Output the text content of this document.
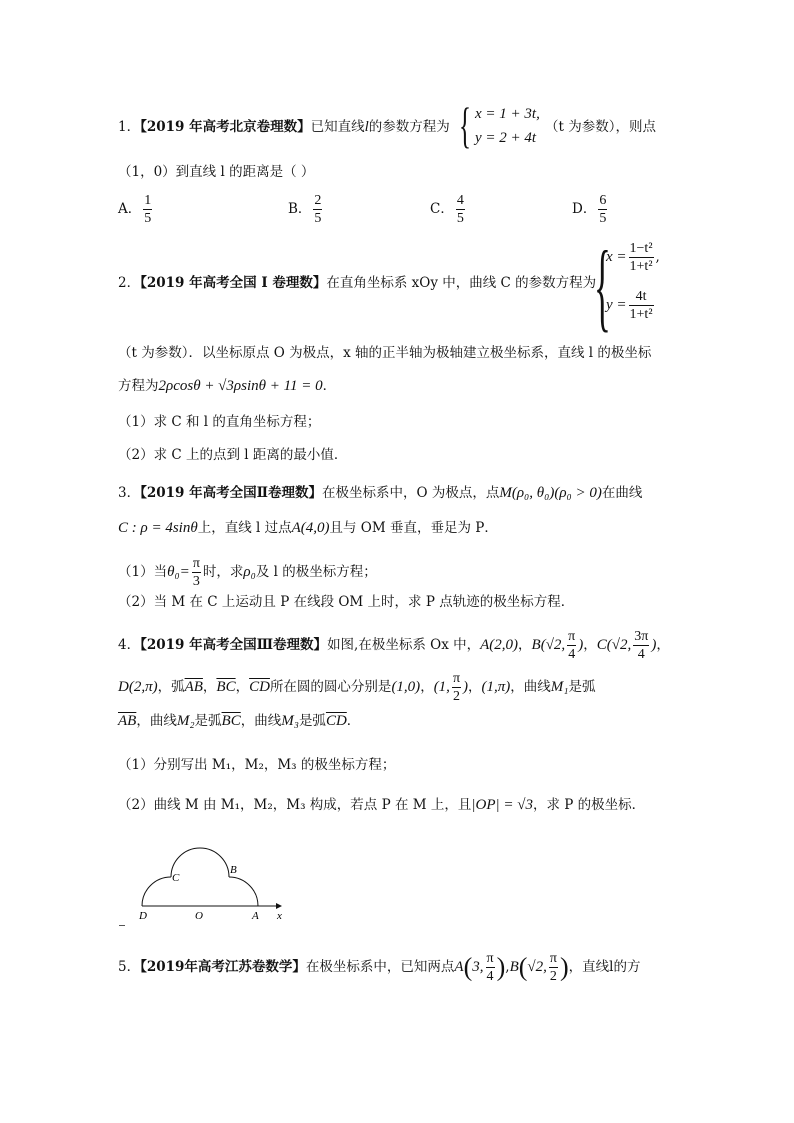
1．【2019 年高考北京卷理数】已知直线l的参数方程为 { x = 1 + 3t,
y = 2 + 4t
（t 为参数），则点
（1，0）到直线 l 的距离是（ ）
A． $\frac{1}{5}$	B． $\frac{2}{5}$	C． $\frac{4}{5}$	D． $\frac{6}{5}$
2．【2019 年高考全国 I 卷理数】在直角坐标系 xOy 中，曲线 C 的参数方程为
{
$x = \frac{\text{1−t²}}{\text{1+t²}}$ ,
$y = \frac{4t}{\text{1+t²}}$
（t 为参数）．以坐标原点 O 为极点，x 轴的正半轴为极轴建立极坐标系，直线 l 的极坐标
方程为2ρcosθ + √3ρsinθ + 11 = 0．
（1）求 C 和 l 的直角坐标方程；
（2）求 C 上的点到 l 距离的最小值．
3．【2019 年高考全国Ⅱ卷理数】在极坐标系中，O 为极点，点M(ρ₀, θ₀)(ρ₀ > 0)在曲线
C : ρ = 4sinθ上，直线 l 过点A(4,0)且与 OM 垂直，垂足为 P．
（1）当$\theta_0= \frac{\pi}{3}$ 时，求ρ₀及 l 的极坐标方程；
（2）当 M 在 C 上运动且 P 在线段 OM 上时，求 P 点轨迹的极坐标方程．
4．【2019 年高考全国Ⅲ卷理数】如图,在极坐标系 Ox 中，A(2,0)，B(√2, $\frac{\pi}{4}$ )，C(√2, $\frac{3\pi}{4}$ )，
D(2,π)，弧$\overline{AB}$，$\overline{BC}$，$\overline{CD}$所在圆的圆心分别是(1,0)，(1, $\frac{\pi}{2}$ )，(1,π)，曲线M₁是弧
$\overline{AB}$，曲线M₂是弧$\overline{BC}$，曲线M₃是弧$\overline{CD}$．
（1）分别写出 M₁，M₂，M₃ 的极坐标方程；
（2）曲线 M 由 M₁，M₂，M₃ 构成，若点 P 在 M 上，且|OP| = √3，求 P 的极坐标．
C
B
D	O	A x
5．【2019年高考江苏卷数学】在极坐标系中，已知两点A(3, $\frac{\pi}{4} ),B(√2$, $\frac{\pi}{2}$ )，直线l的方
